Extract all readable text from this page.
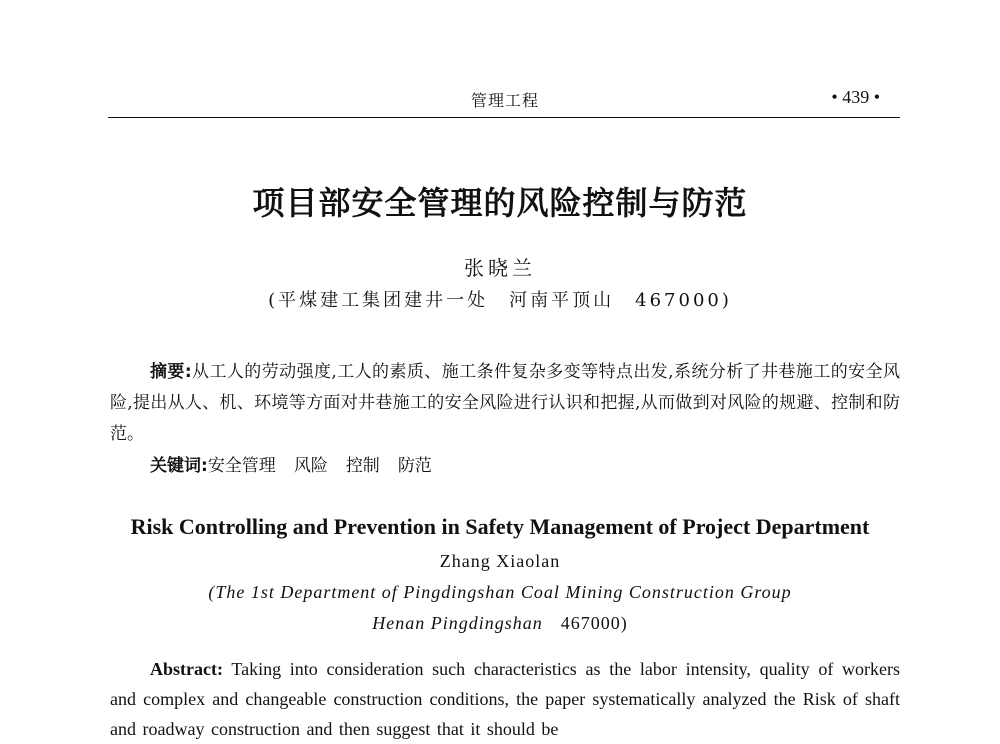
管理工程	• 439 •
项目部安全管理的风险控制与防范
张晓兰
(平煤建工集团建井一处　河南平顶山　467000)
摘要:从工人的劳动强度,工人的素质、施工条件复杂多变等特点出发,系统分析了井巷施工的安全风险,提出从人、机、环境等方面对井巷施工的安全风险进行认识和把握,从而做到对风险的规避、控制和防范。
关键词:安全管理 风险 控制 防范
Risk Controlling and Prevention in Safety Management of Project Department
Zhang Xiaolan
(The 1st Department of Pingdingshan Coal Mining Construction Group
Henan Pingdingshan 467000)
Abstract: Taking into consideration such characteristics as the labor intensity, quality of workers and complex and changeable construction conditions, the paper systematically analyzed the Risk of shaft and roadway construction and then suggest that it should be
